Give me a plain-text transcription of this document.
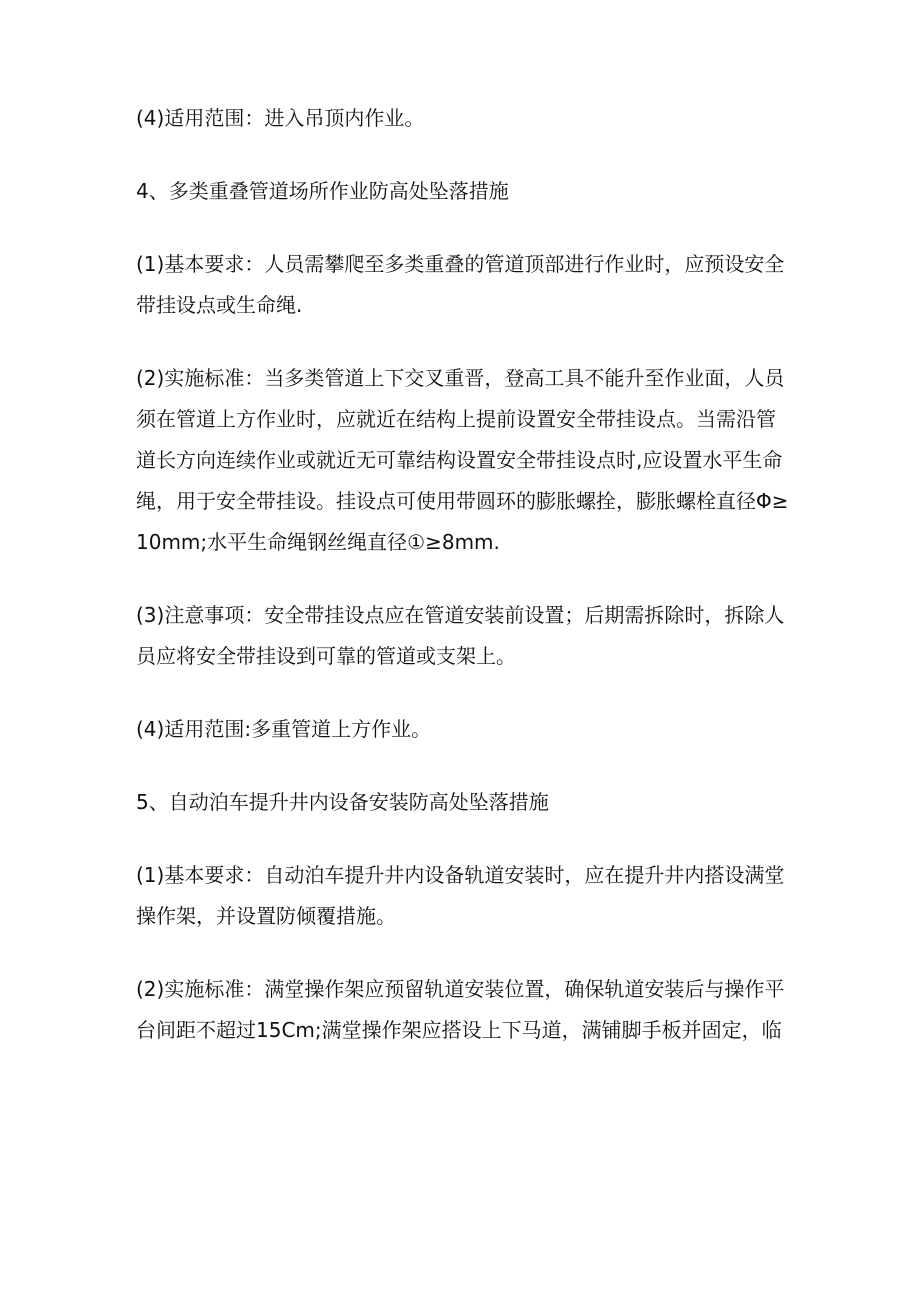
(4)适用范围：进入吊顶内作业。

4、多类重叠管道场所作业防高处坠落措施

(1)基本要求：人员需攀爬至多类重叠的管道顶部进行作业时，应预设安全带挂设点或生命绳.

(2)实施标准：当多类管道上下交叉重晋，登高工具不能升至作业面，人员须在管道上方作业时，应就近在结构上提前设置安全带挂设点。当需沿管道长方向连续作业或就近无可靠结构设置安全带挂设点时,应设置水平生命绳，用于安全带挂设。挂设点可使用带圆环的膨胀螺拴，膨胀螺栓直径Φ≥10mm;水平生命绳钢丝绳直径①≥8mm.

(3)注意事项：安全带挂设点应在管道安装前设置；后期需拆除时，拆除人员应将安全带挂设到可靠的管道或支架上。

(4)适用范围:多重管道上方作业。

5、自动泊车提升井内设备安装防高处坠落措施

(1)基本要求：自动泊车提升井内设备轨道安装时，应在提升井内搭设满堂操作架，并设置防倾覆措施。

(2)实施标准：满堂操作架应预留轨道安装位置，确保轨道安装后与操作平台间距不超过15Cm;满堂操作架应搭设上下马道，满铺脚手板并固定，临
